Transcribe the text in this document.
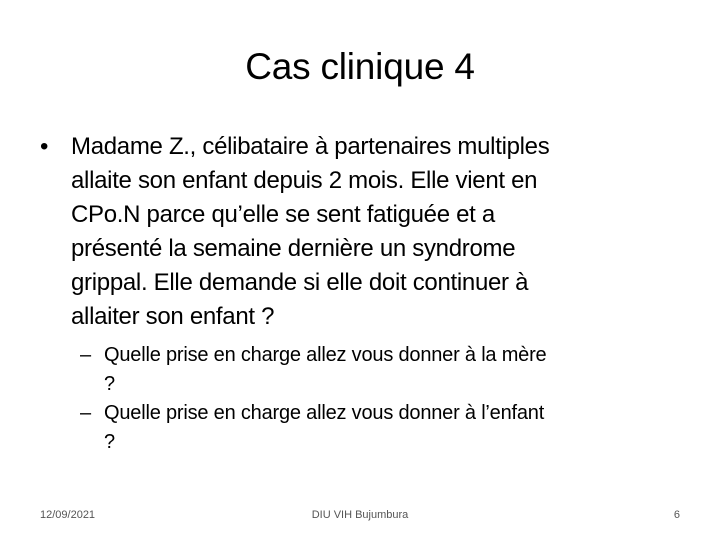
Cas clinique 4
• Madame Z., célibataire à partenaires multiples
allaite son enfant depuis 2 mois. Elle vient en
CPo.N parce qu’elle se sent fatiguée et a
présenté la semaine dernière un syndrome
grippal. Elle demande si elle doit continuer à
allaiter son enfant ?
– Quelle prise en charge allez vous donner à la mère
?
– Quelle prise en charge allez vous donner à l’enfant
?
12/09/2021	DIU VIH Bujumbura	6
